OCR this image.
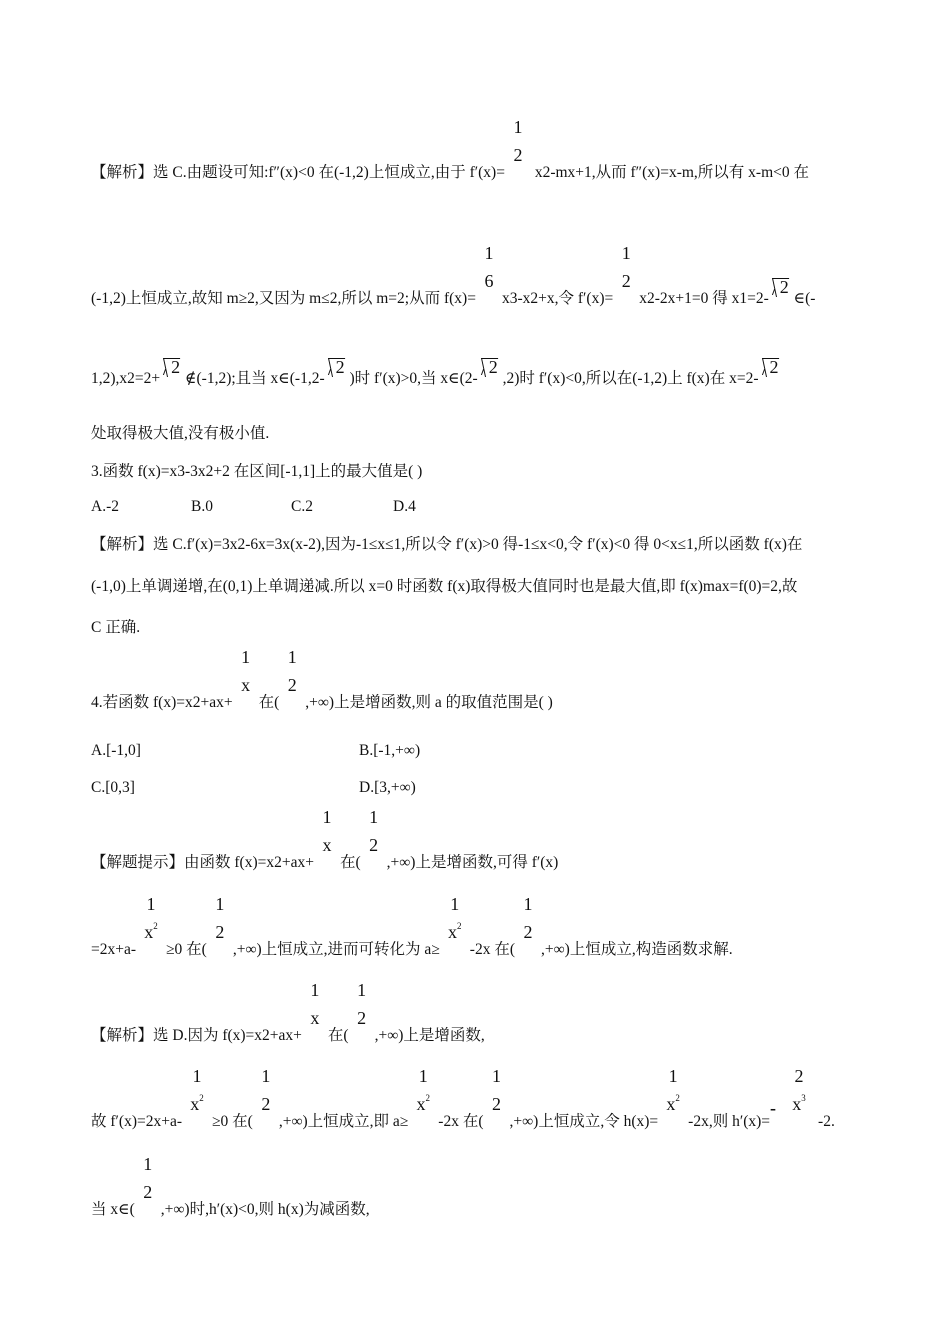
【解析】选 C.由题设可知:f″(x)<0 在(-1,2)上恒成立,由于 f′(x)=
1
2
x2-mx+1,从而 f″(x)=x-m,所以有 x-m<0 在
(-1,2)上恒成立,故知 m≥2,又因为 m≤2,所以 m=2;从而 f(x)=
1
6
x3-x2+x,令 f′(x)=
1
2
x2-2x+1=0 得 x1=2-2 ∈(-
1,2),x2=2+2 ∉(-1,2);且当 x∈(-1,2-2 )时 f′(x)>0,当 x∈(2-2 ,2)时 f′(x)<0,所以在(-1,2)上 f(x)在 x=2-2
处取得极大值,没有极小值.
3.函数 f(x)=x3-3x2+2 在区间[-1,1]上的最大值是( )
A.-2	B.0	C.2	D.4
【解析】选 C.f′(x)=3x2-6x=3x(x-2),因为-1≤x≤1,所以令 f′(x)>0 得-1≤x<0,令 f′(x)<0 得 0<x≤1,所以函数 f(x)在
(-1,0)上单调递增,在(0,1)上单调递减.所以 x=0 时函数 f(x)取得极大值同时也是最大值,即 f(x)max=f(0)=2,故
C 正确.
4.若函数 f(x)=x2+ax+
1
x
在(
1
2
,+∞)上是增函数,则 a 的取值范围是( )
A.[-1,0]	B.[-1,+∞)
C.[0,3]	D.[3,+∞)
【解题提示】由函数 f(x)=x2+ax+
1
x
在(
1
2
,+∞)上是增函数,可得 f′(x)
=2x+a-
1
$x^2$
≥0 在(
1
2
,+∞)上恒成立,进而可转化为 a≥
1
$x^2$
-2x 在(
1
2
,+∞)上恒成立,构造函数求解.
【解析】选 D.因为 f(x)=x2+ax+
1
x
在(
1
2
,+∞)上是增函数,
故 f′(x)=2x+a-
1
$x^2$
≥0 在(
1
2
,+∞)上恒成立,即 a≥
1
$x^2$
-2x 在(
1
2
,+∞)上恒成立,令 h(x)=
1
$x^2$
-2x,则 h′(x)=-
2
$x^3$
-2.
当 x∈(
1
2
,+∞)时,h′(x)<0,则 h(x)为减函数,
